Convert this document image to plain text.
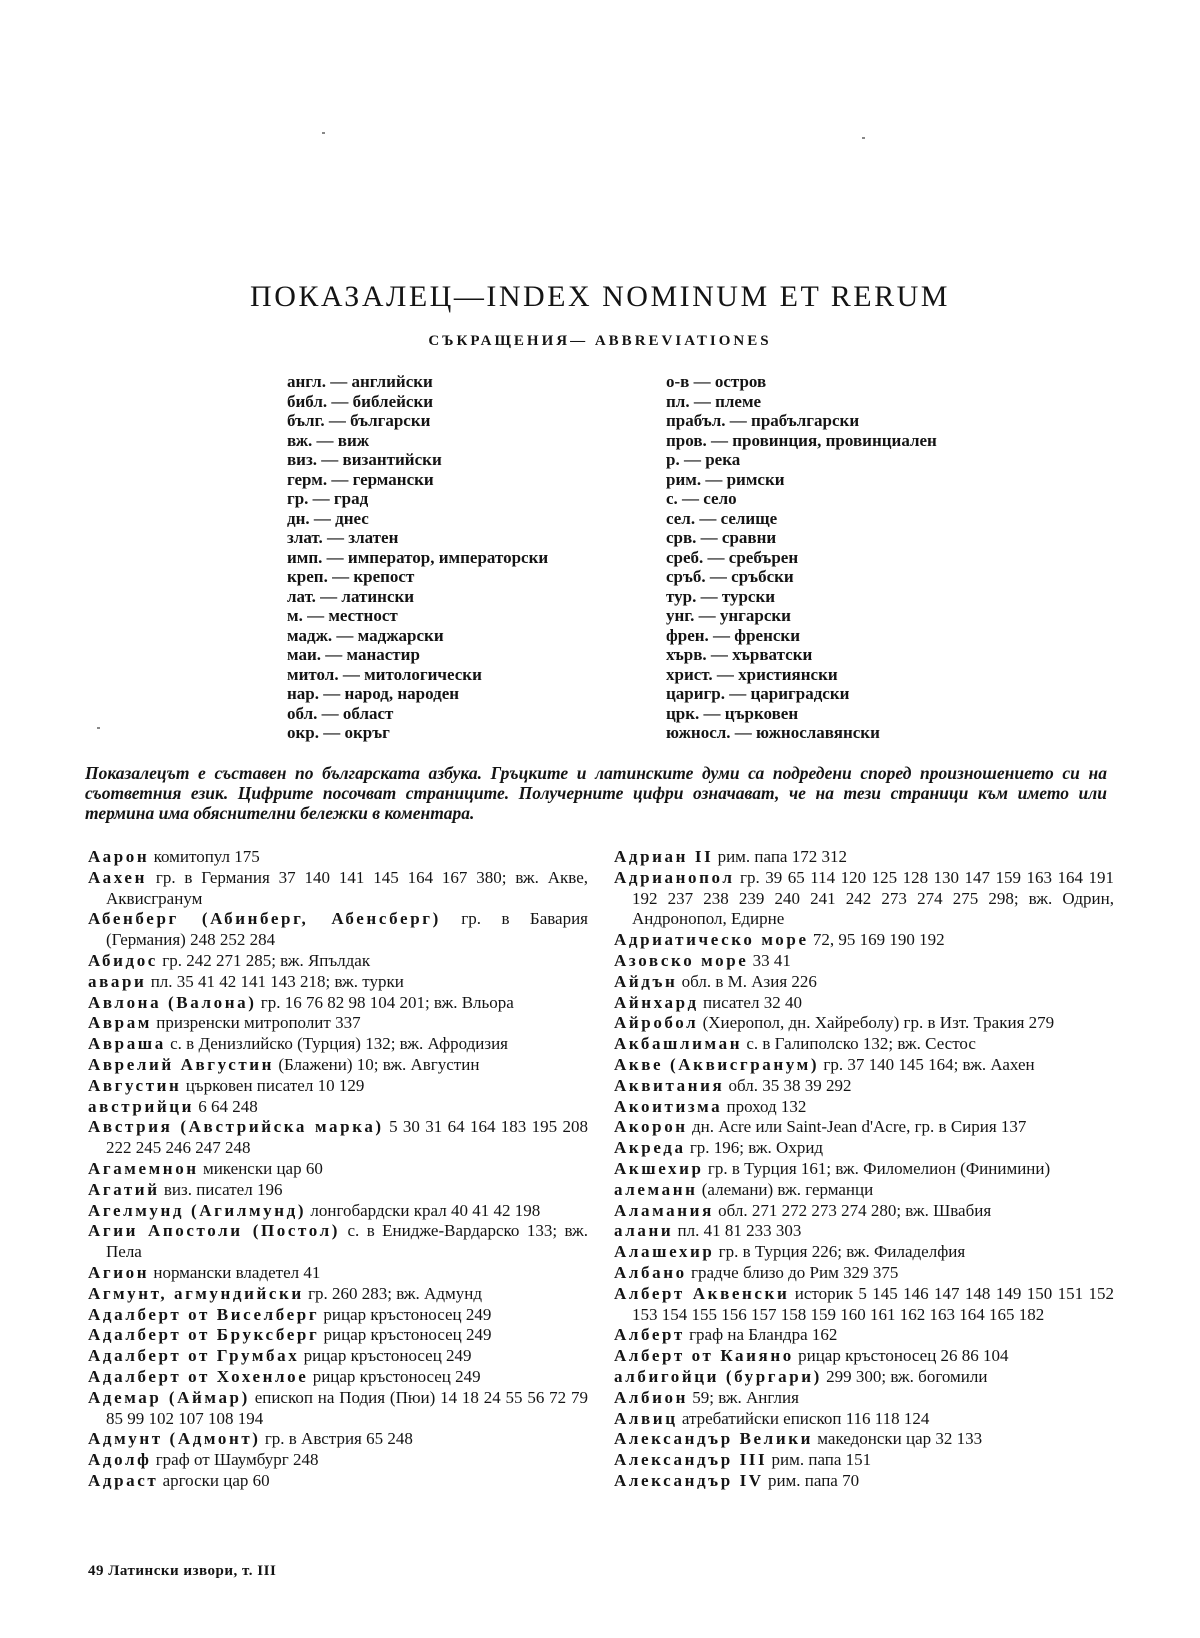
ПОКАЗАЛЕЦ—INDEX NOMINUM ET RERUM
СЪКРАЩЕНИЯ— ABBREVIATIONES
англ. — английски
библ. — библейски
бълг. — български
вж. — виж
виз. — византийски
герм. — германски
гр. — град
дн. — днес
злат. — златен
имп. — император, императорски
креп. — крепост
лат. — латински
м. — местност
мадж. — маджарски
маи. — манастир
митол. — митологически
нар. — народ, народен
обл. — област
окр. — окръг
о-в — остров
пл. — племе
прабъл. — прабългарски
пров. — провинция, провинциален
р. — река
рим. — римски
с. — село
сел. — селище
срв. — сравни
среб. — сребърен
сръб. — сръбски
тур. — турски
унг. — унгарски
френ. — френски
хърв. — хърватски
христ. — християнски
царигр. — цариградски
цpк. — църковен
южносл. — южнославянски
Показалецът е съставен по българската азбука. Гръцките и латинските думи са подредени според произношението си на съответния език. Цифрите посочват страниците. Получерните цифри означават, че на тези страници към името или термина има обяснителни бележки в коментара.
Аарон комитопул 175
Аахен гр. в Германия 37 140 141 145 164 167 380; вж. Акве, Аквисгранум
Абенберг (Абинберг, Абенсберг) гр. в Бавария (Германия) 248 252 284
Абидос гр. 242 271 285; вж. Япълдак
авари пл. 35 41 42 141 143 218; вж. турки
Авлона (Валона) гр. 16 76 82 98 104 201; вж. Вльора
Аврам призренски митрополит 337
Авраша с. в Денизлийско (Турция) 132; вж. Афродизия
Аврелий Августин (Блажени) 10; вж. Августин
Августин църковен писател 10 129
австрийци 6 64 248
Австрия (Австрийска марка) 5 30 31 64 164 183 195 208 222 245 246 247 248
Агамемнон микенски цар 60
Агатий виз. писател 196
Агелмунд (Агилмунд) лонгобардски крал 40 41 42 198
Агии Апостоли (Постол) с. в Енидже-Вардарско 133; вж. Пела
Агион нормански владетел 41
Агмунт, агмундийски гр. 260 283; вж. Адмунд
Адалберт от Виселберг рицар кръстоносец 249
Адалберт от Бруксберг рицар кръстоносец 249
Адалберт от Грумбах рицар кръстоносец 249
Адалберт от Хохенлое рицар кръстоносец 249
Адемар (Аймар) епископ на Подия (Пюи) 14 18 24 55 56 72 79 85 99 102 107 108 194
Адмунт (Адмонт) гр. в Австрия 65 248
Адолф граф от Шаумбург 248
Адраст аргоски цар 60
Адриан II рим. папа 172 312
Адрианопол гр. 39 65 114 120 125 128 130 147 159 163 164 191 192 237 238 239 240 241 242 273 274 275 298; вж. Одрин, Андронопол, Едирне
Адриатическо море 72, 95 169 190 192
Азовско море 33 41
Айдън обл. в М. Азия 226
Айнхард писател 32 40
Айробол (Хиеропол, дн. Хайреболу) гр. в Изт. Тракия 279
Акбашлиман с. в Галиполско 132; вж. Сестос
Акве (Аквисгранум) гр. 37 140 145 164; вж. Аахен
Аквитания обл. 35 38 39 292
Акоитизма проход 132
Акорон дн. Acre или Saint-Jean d'Acre, гр. в Сирия 137
Акреда гр. 196; вж. Охрид
Акшехир гр. в Турция 161; вж. Филомелион (Финимини)
алеманн (алемани) вж. германци
Аламания обл. 271 272 273 274 280; вж. Швабия
алани пл. 41 81 233 303
Алашехир гр. в Турция 226; вж. Филаделфия
Албано градче близо до Рим 329 375
Алберт Аквенски историк 5 145 146 147 148 149 150 151 152 153 154 155 156 157 158 159 160 161 162 163 164 165 182
Алберт граф на Бландра 162
Алберт от Каияно рицар кръстоносец 26 86 104
албигойци (бургари) 299 300; вж. богомили
Албион 59; вж. Англия
Алвиц атребатийски епископ 116 118 124
Александър Велики македонски цар 32 133
Александър III рим. папа 151
Александър IV рим. папа 70
49 Латински извори, т. III
